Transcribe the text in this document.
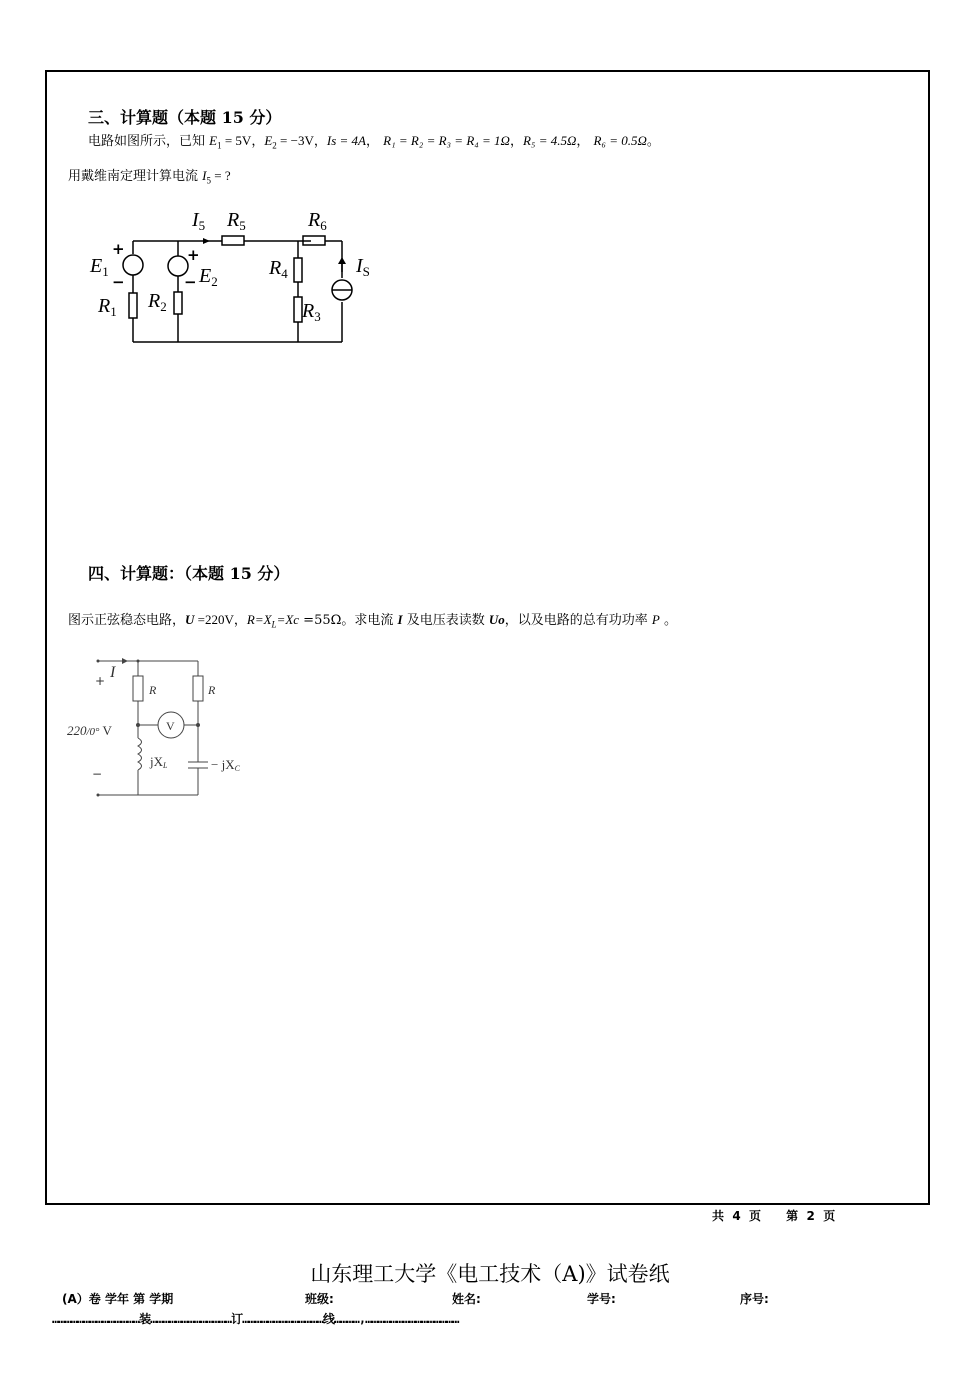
三、计算题（本题 15 分）
电路如图所示，已知 $E_1 = 5V$，$E_2 = -3V$，Is = 4A， R₁ = R₂ = R₃ = R₄ = 1Ω，R₅ = 4.5Ω， R₆ = 0.5Ω。
用戴维南定理计算电流 $I_5$ = ?
$I_5$ $R_5$	$R_6$
$E_1$	$E_2$
$R_4$	$I_S$
$R_1$ $R_2$	$R_3$
+
−
+
−
四、计算题：（本题 15 分）
图示正弦稳态电路，U =220V，$R=X_L=Xc =55\Omega$。求电流 I 及电压表读数 Uo，以及电路的总有功功率 P 。
I
R	R
V
220/0° V
jXL	− jXC
+
−
共  4  页      第  2  页
山东理工大学《电工技术（A)》试卷纸
(A）卷 学年 第 学期	班级:	姓名:	学号:	序号:
……………………………………装…………………………………订…………………………………线…………,………………………………………
